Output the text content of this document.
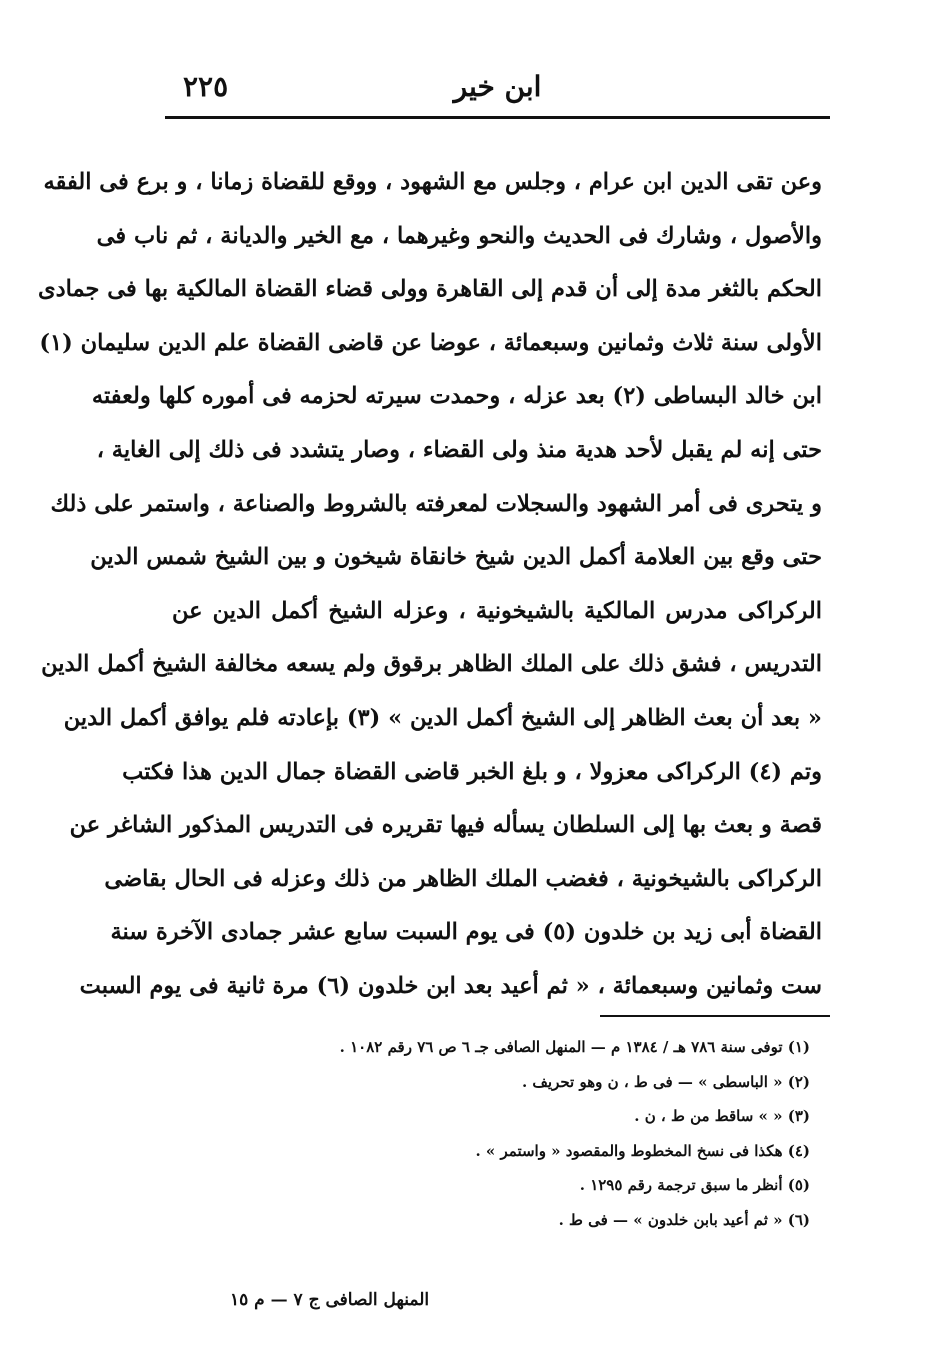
ابن خير
٢٢٥
وعن تقى الدين ابن عرام ، وجلس مع الشهود ، ووقع للقضاة زمانا ، و برع فى الفقه
والأصول ، وشارك فى الحديث والنحو وغيرهما ، مع الخير والديانة ، ثم ناب فى
الحكم بالثغر مدة إلى أن قدم إلى القاهرة وولى قضاء القضاة المالكية بها فى جمادى
الأولى سنة ثلاث وثمانين وسبعمائة ، عوضا عن قاضى القضاة علم الدين سليمان (١)
ابن خالد البساطى (٢) بعد عزله ، وحمدت سيرته لحزمه فى أموره كلها ولعفته
حتى إنه لم يقبل لأحد هدية منذ ولى القضاء ، وصار يتشدد فى ذلك إلى الغاية ،
و يتحرى فى أمر الشهود والسجلات لمعرفته بالشروط والصناعة ، واستمر على ذلك
حتى وقع بين العلامة أكمل الدين شيخ خانقاة شيخون و بين الشيخ شمس الدين
الركراكى مدرس المالكية بالشيخونية ، وعزله الشيخ أكمل الدين عن
التدريس ، فشق ذلك على الملك الظاهر برقوق ولم يسعه مخالفة الشيخ أكمل الدين
« بعد أن بعث الظاهر إلى الشيخ أكمل الدين » (٣) بإعادته فلم يوافق أكمل الدين
وتم (٤) الركراكى معزولا ، و بلغ الخبر قاضى القضاة جمال الدين هذا فكتب
قصة و بعث بها إلى السلطان يسأله فيها تقريره فى التدريس المذكور الشاغر عن
الركراكى بالشيخونية ، فغضب الملك الظاهر من ذلك وعزله فى الحال بقاضى
القضاة أبى زيد بن خلدون (٥) فى يوم السبت سابع عشر جمادى الآخرة سنة
ست وثمانين وسبعمائة ، « ثم أعيد بعد ابن خلدون (٦) مرة ثانية فى يوم السبت
(١) توفى سنة ٧٨٦ هـ / ١٣٨٤ م — المنهل الصافى جـ ٦ ص ٧٦ رقم ١٠٨٢ .
(٢) « الباسطى » — فى ط ، ن وهو تحريف .
(٣) « » ساقط من ط ، ن .
(٤) هكذا فى نسخ المخطوط والمقصود « واستمر » .
(٥) أنظر ما سبق ترجمة رقم ١٢٩٥ .
(٦) « ثم أعيد بابن خلدون » — فى ط .
المنهل الصافى ج ٧ — م ١٥
